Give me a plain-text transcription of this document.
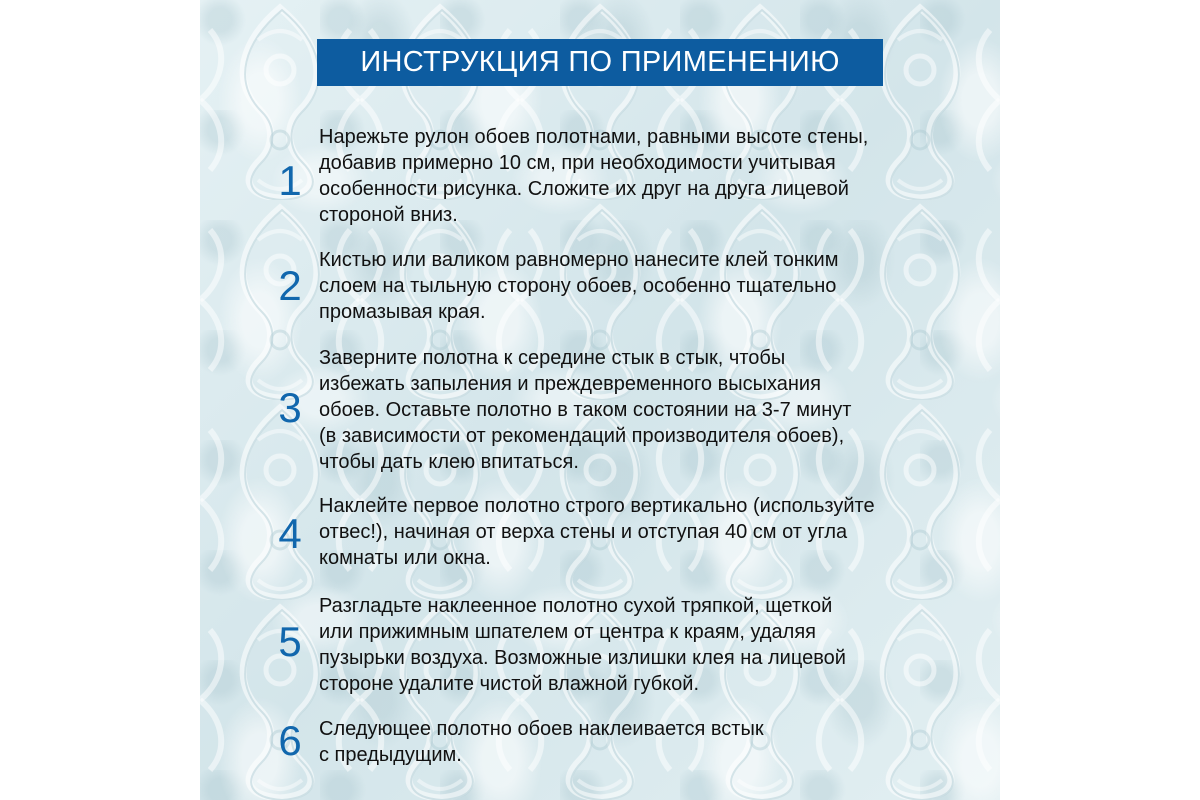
ИНСТРУКЦИЯ ПО ПРИМЕНЕНИЮ
1
Нарежьте рулон обоев полотнами, равными высоте стены,
добавив примерно 10 см, при необходимости учитывая
особенности рисунка. Сложите их друг на друга лицевой
стороной вниз.
2
Кистью или валиком равномерно нанесите клей тонким
слоем на тыльную сторону обоев, особенно тщательно
промазывая края.
3
Заверните полотна к середине стык в стык, чтобы
избежать запыления и преждевременного высыхания
обоев. Оставьте полотно в таком состоянии на 3-7 минут
(в зависимости от рекомендаций производителя обоев),
чтобы дать клею впитаться.
4
Наклейте первое полотно строго вертикально (используйте
отвес!), начиная от верха стены и отступая 40 см от угла
комнаты или окна.
5
Разгладьте наклеенное полотно сухой тряпкой, щеткой
или прижимным шпателем от центра к краям, удаляя
пузырьки воздуха. Возможные излишки клея на лицевой
стороне удалите чистой влажной губкой.
6 Следующее полотно обоев наклеивается встык
с предыдущим.
